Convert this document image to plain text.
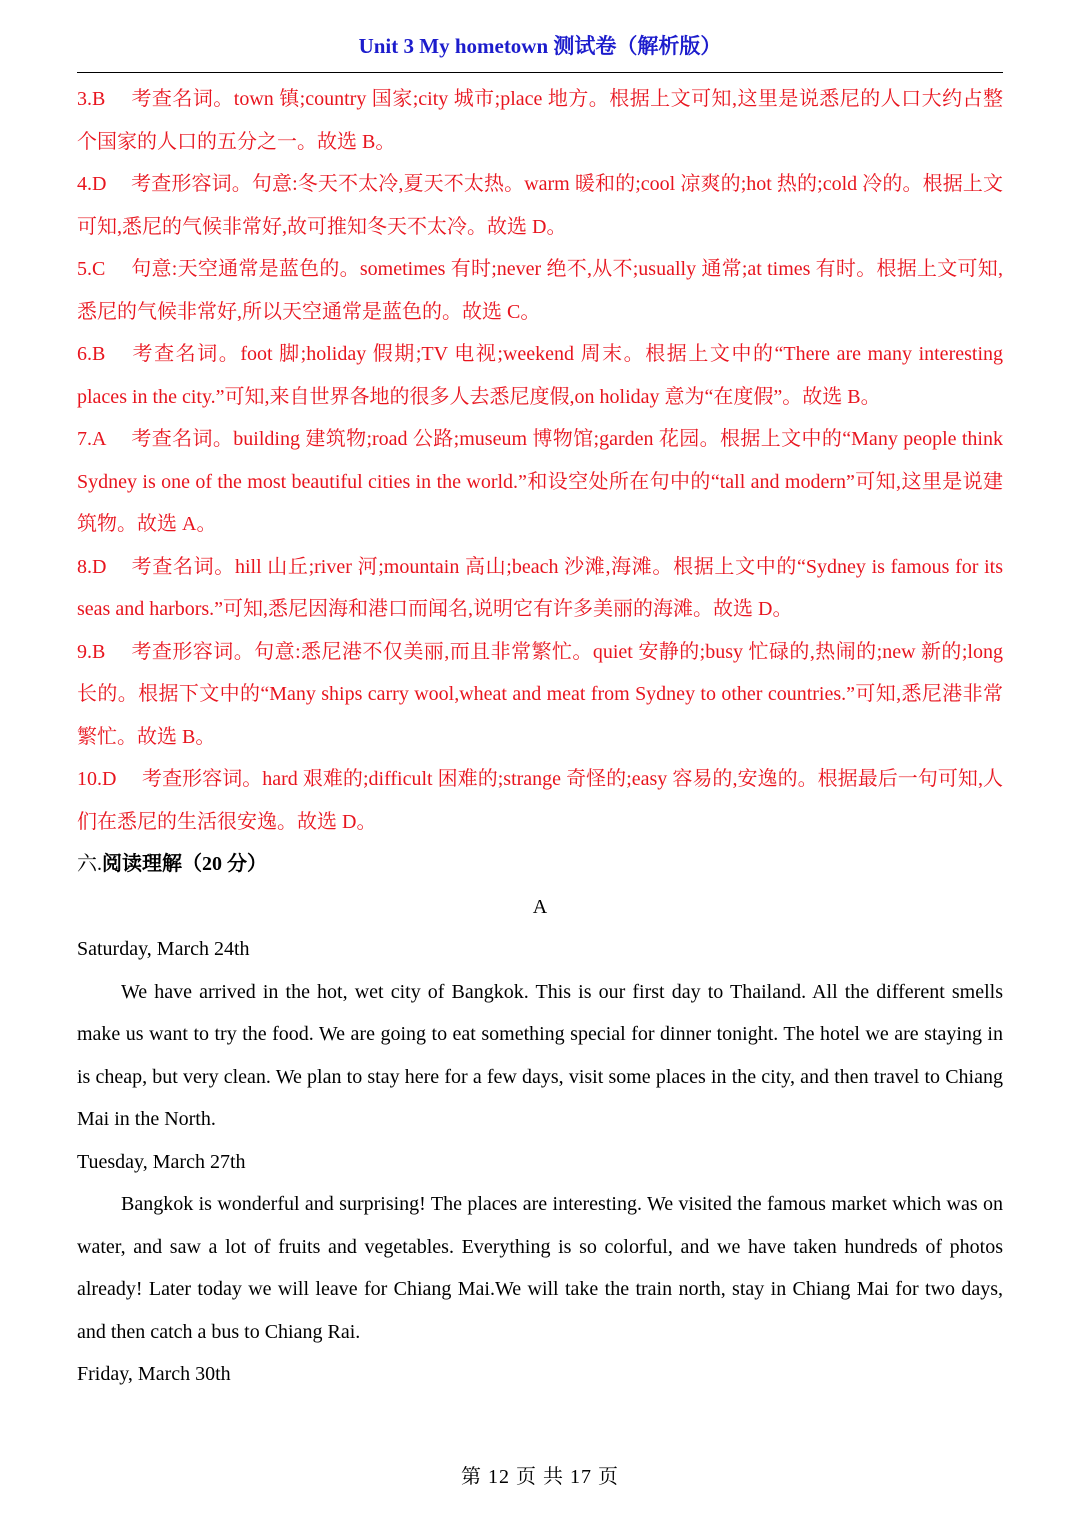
Unit 3 My hometown 测试卷（解析版）
3.B 考查名词。town 镇;country 国家;city 城市;place 地方。根据上文可知,这里是说悉尼的人口大约占整个国家的人口的五分之一。故选 B。
4.D 考查形容词。句意:冬天不太冷,夏天不太热。warm 暖和的;cool 凉爽的;hot 热的;cold 冷的。根据上文可知,悉尼的气候非常好,故可推知冬天不太冷。故选 D。
5.C 句意:天空通常是蓝色的。sometimes 有时;never 绝不,从不;usually 通常;at times 有时。根据上文可知,悉尼的气候非常好,所以天空通常是蓝色的。故选 C。
6.B 考查名词。foot 脚;holiday 假期;TV 电视;weekend 周末。根据上文中的“There are many interesting places in the city.”可知,来自世界各地的很多人去悉尼度假,on holiday 意为“在度假”。故选 B。
7.A 考查名词。building 建筑物;road 公路;museum 博物馆;garden 花园。根据上文中的“Many people think Sydney is one of the most beautiful cities in the world.”和设空处所在句中的“tall and modern”可知,这里是说建筑物。故选 A。
8.D 考查名词。hill 山丘;river 河;mountain 高山;beach 沙滩,海滩。根据上文中的“Sydney is famous for its seas and harbors.”可知,悉尼因海和港口而闻名,说明它有许多美丽的海滩。故选 D。
9.B 考查形容词。句意:悉尼港不仅美丽,而且非常繁忙。quiet 安静的;busy 忙碌的,热闹的;new 新的;long 长的。根据下文中的“Many ships carry wool,wheat and meat from Sydney to other countries.”可知,悉尼港非常繁忙。故选 B。
10.D 考查形容词。hard 艰难的;difficult 困难的;strange 奇怪的;easy 容易的,安逸的。根据最后一句可知,人们在悉尼的生活很安逸。故选 D。
六.阅读理解（20 分）
A
Saturday, March 24th
We have arrived in the hot, wet city of Bangkok. This is our first day to Thailand. All the different smells make us want to try the food. We are going to eat something special for dinner tonight. The hotel we are staying in is cheap, but very clean. We plan to stay here for a few days, visit some places in the city, and then travel to Chiang Mai in the North.
Tuesday, March 27th
Bangkok is wonderful and surprising! The places are interesting. We visited the famous market which was on water, and saw a lot of fruits and vegetables. Everything is so colorful, and we have taken hundreds of photos already! Later today we will leave for Chiang Mai.We will take the train north, stay in Chiang Mai for two days, and then catch a bus to Chiang Rai.
Friday, March 30th
第 12 页 共 17 页
